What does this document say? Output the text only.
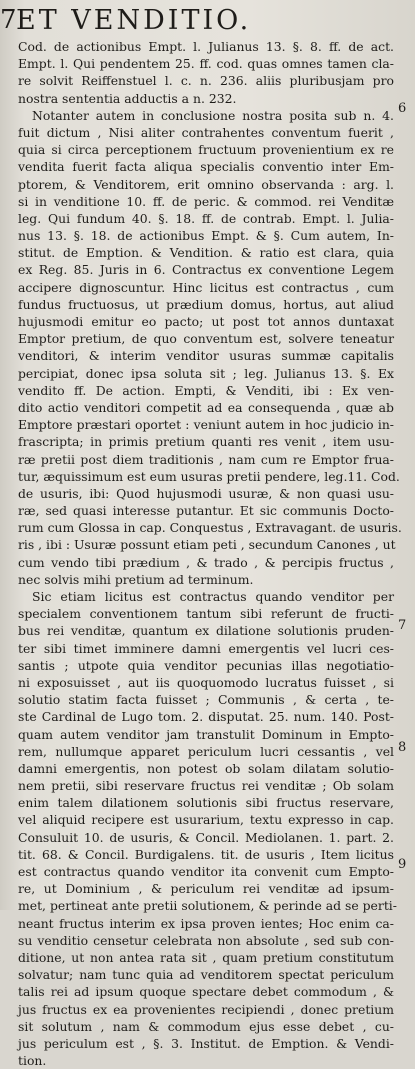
7 ET VENDITIO.
Cod. de actionibus Empt. l. Julianus 13. §. 8. ff. de act.
Empt. l. Qui pendentem 25. ff. cod. quas omnes tamen cla-
re solvit Reiffenstuel l. c. n. 236. aliis pluribusjam pro
nostra sententia adductis a n. 232.
Notanter autem in conclusione nostra posita sub n. 4.
fuit dictum , Nisi aliter contrahentes conventum fuerit ,
quia si circa perceptionem fructuum provenientium ex re
vendita fuerit facta aliqua specialis conventio inter Em-
ptorem, & Venditorem, erit omnino observanda : arg. l.
si in venditione 10. ff. de peric. & commod. rei Venditæ
leg. Qui fundum 40. §. 18. ff. de contrab. Empt. l. Julia-
nus 13. §. 18. de actionibus Empt. & §. Cum autem, In-
stitut. de Emption. & Vendition. & ratio est clara, quia
ex Reg. 85. Juris in 6. Contractus ex conventione Legem
accipere dignoscuntur. Hinc licitus est contractus , cum
fundus fructuosus, ut prædium domus, hortus, aut aliud
hujusmodi emitur eo pacto; ut post tot annos duntaxat
Emptor pretium, de quo conventum est, solvere teneatur
venditori, & interim venditor usuras summæ capitalis
percipiat, donec ipsa soluta sit ; leg. Julianus 13. §. Ex
vendito ff. De action. Empti, & Venditi, ibi : Ex ven-
dito actio venditori competit ad ea consequenda , quæ ab
Emptore præstari oportet : veniunt autem in hoc judicio in-
frascripta; in primis pretium quanti res venit , item usu-
ræ pretii post diem traditionis , nam cum re Emptor frua-
tur, æquissimum est eum usuras pretii pendere, leg.11. Cod.
de usuris, ibi: Quod hujusmodi usuræ, & non quasi usu-
ræ, sed quasi interesse putantur. Et sic communis Docto-
rum cum Glossa in cap. Conquestus , Extravagant. de usuris.
ris , ibi : Usuræ possunt etiam peti , secundum Canones , ut
cum vendo tibi prædium , & trado , & percipis fructus ,
nec solvis mihi pretium ad terminum.
Sic etiam licitus est contractus quando venditor per
specialem conventionem tantum sibi referunt de fructi-
bus rei venditæ, quantum ex dilatione solutionis pruden-
ter sibi timet imminere damni emergentis vel lucri ces-
santis ; utpote quia venditor pecunias illas negotiatio-
ni exposuisset , aut iis quoquomodo lucratus fuisset , si
solutio statim facta fuisset ; Communis , & certa , te-
ste Cardinal de Lugo tom. 2. disputat. 25. num. 140. Post-
quam autem venditor jam transtulit Dominum in Empto-
rem, nullumque apparet periculum lucri cessantis , vel
damni emergentis, non potest ob solam dilatam solutio-
nem pretii, sibi reservare fructus rei venditæ ; Ob solam
enim talem dilationem solutionis sibi fructus reservare,
vel aliquid recipere est usurarium, textu expresso in cap.
Consuluit 10. de usuris, & Concil. Mediolanen. 1. part. 2.
tit. 68. & Concil. Burdigalens. tit. de usuris , Item licitus
est contractus quando venditor ita convenit cum Empto-
re, ut Dominium , & periculum rei venditæ ad ipsum-
met, pertineat ante pretii solutionem, & perinde ad se perti-
neant fructus interim ex ipsa proven ientes; Hoc enim ca-
su venditio censetur celebrata non absolute , sed sub con-
ditione, ut non antea rata sit , quam pretium constitutum
solvatur; nam tunc quia ad venditorem spectat periculum
talis rei ad ipsum quoque spectare debet commodum , &
jus fructus ex ea provenientes recipiendi , donec pretium
sit solutum , nam & commodum ejus esse debet , cu-
jus periculum est , §. 3. Institut. de Emption. & Vendi-
tion.
6
7
8
9
